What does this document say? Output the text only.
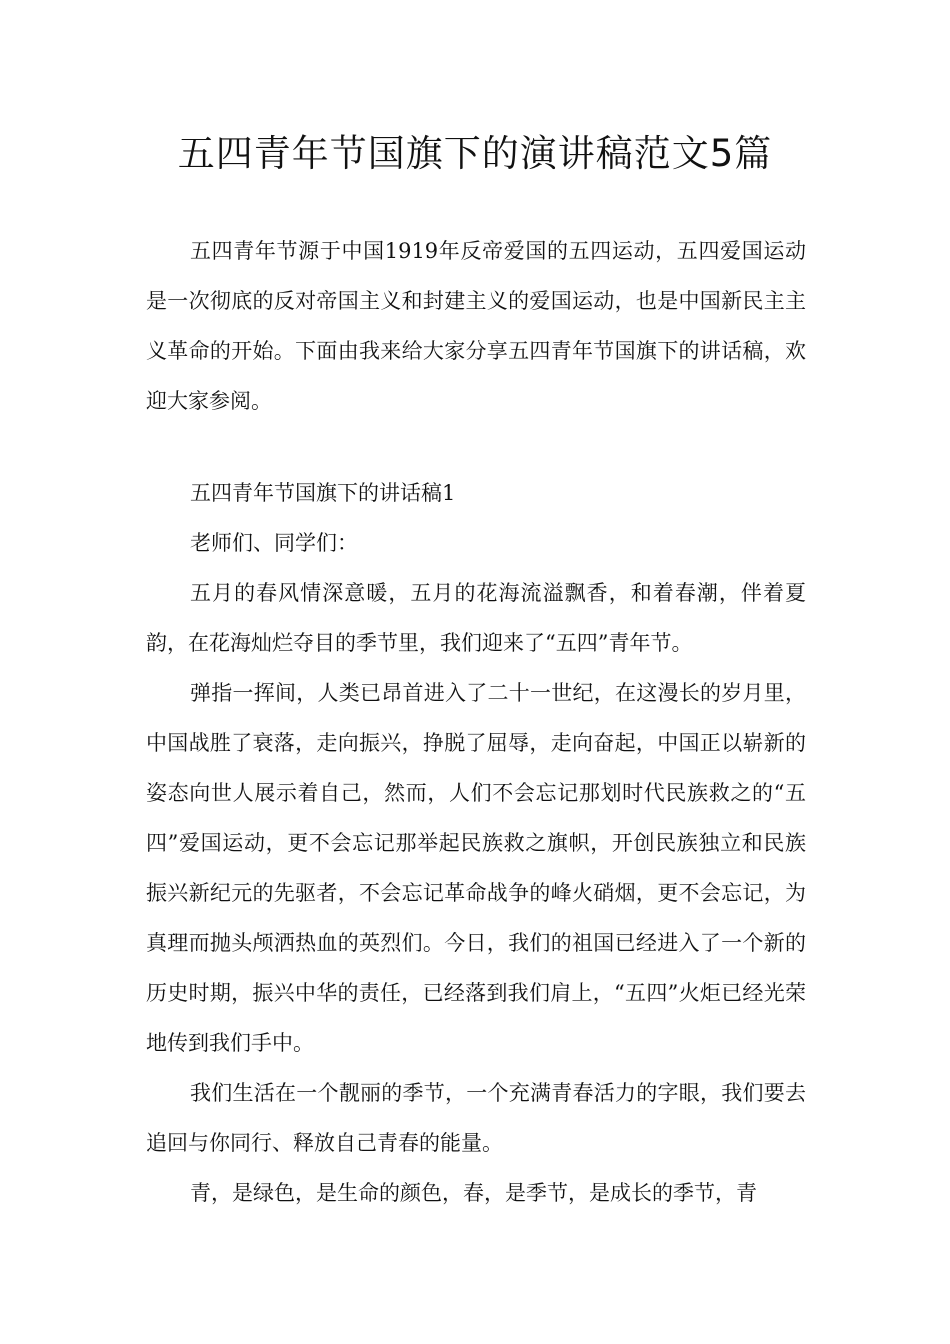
五四青年节国旗下的演讲稿范文5篇

五四青年节源于中国1919年反帝爱国的五四运动，五四爱国运动是一次彻底的反对帝国主义和封建主义的爱国运动，也是中国新民主主义革命的开始。下面由我来给大家分享五四青年节国旗下的讲话稿，欢迎大家参阅。

五四青年节国旗下的讲话稿1

老师们、同学们：

五月的春风情深意暖，五月的花海流溢飘香，和着春潮，伴着夏韵，在花海灿烂夺目的季节里，我们迎来了“五四”青年节。

弹指一挥间，人类已昂首进入了二十一世纪，在这漫长的岁月里，中国战胜了衰落，走向振兴，挣脱了屈辱，走向奋起，中国正以崭新的姿态向世人展示着自己，然而，人们不会忘记那划时代民族救之的“五四”爱国运动，更不会忘记那举起民族救之旗帜，开创民族独立和民族振兴新纪元的先驱者，不会忘记革命战争的峰火硝烟，更不会忘记，为真理而抛头颅洒热血的英烈们。今日，我们的祖国已经进入了一个新的历史时期，振兴中华的责任，已经落到我们肩上，“五四”火炬已经光荣地传到我们手中。

我们生活在一个靓丽的季节，一个充满青春活力的字眼，我们要去追回与你同行、释放自己青春的能量。

青，是绿色，是生命的颜色，春，是季节，是成长的季节，青
